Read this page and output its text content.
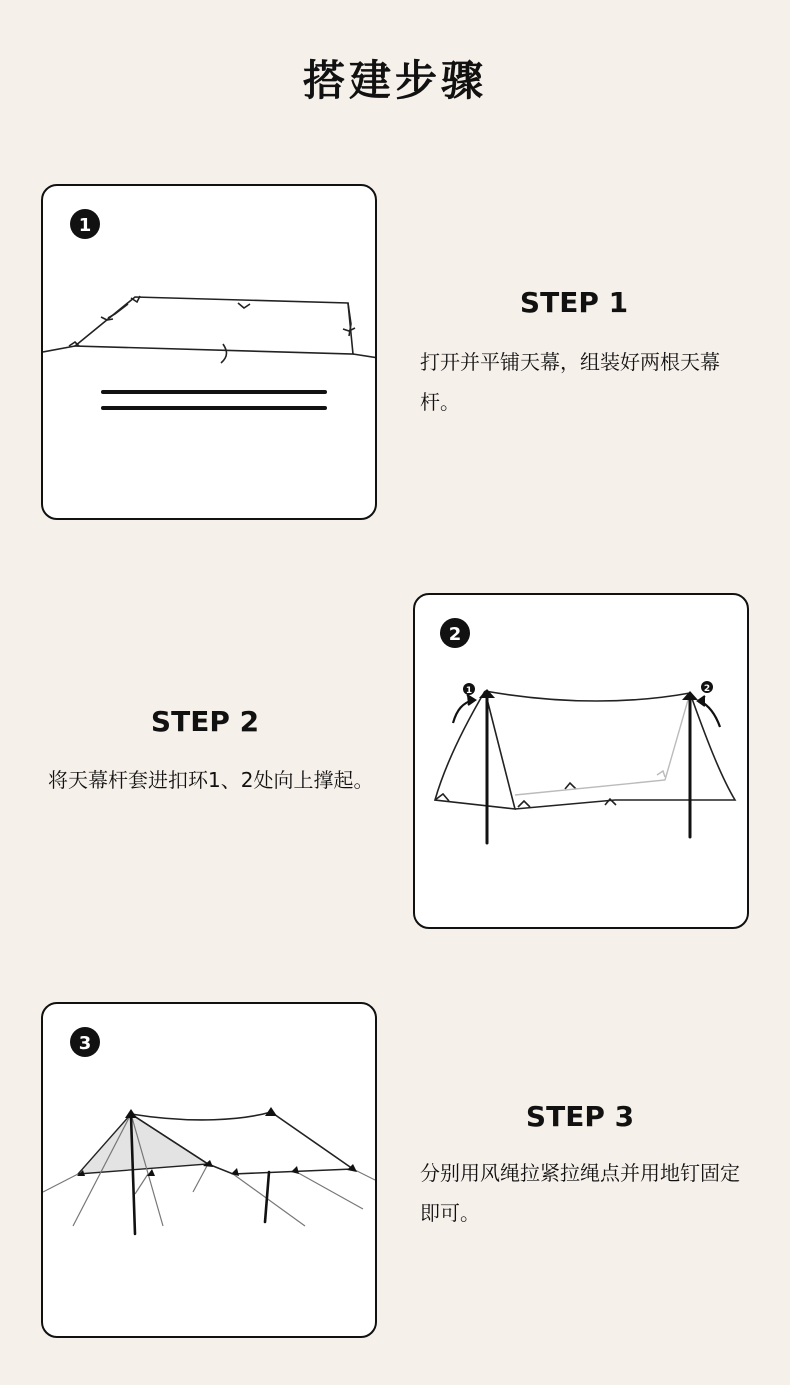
搭建步骤
1
STEP 1
打开并平铺天幕，组装好两根天幕杆。
STEP 2
将天幕杆套进扣环1、2处向上撑起。
2
1	2
3
STEP 3
分别用风绳拉紧拉绳点并用地钉固定即可。
